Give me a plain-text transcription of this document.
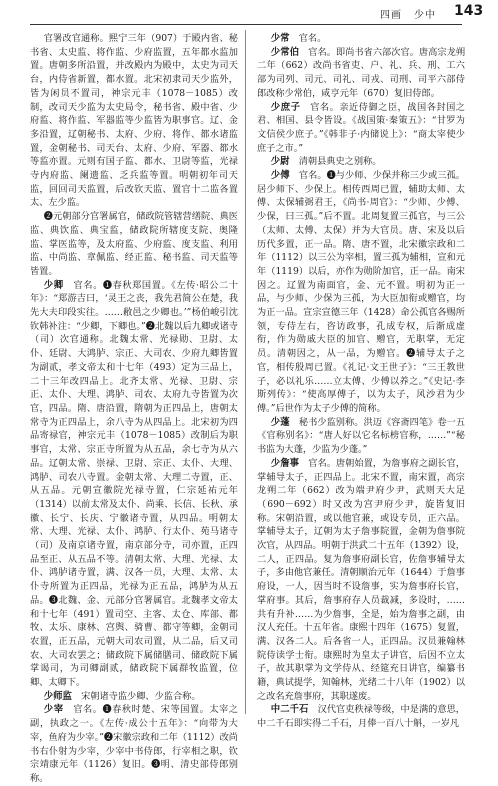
四画 少中 143

官署改官通称。熙宁三年（907）于殿内省、秘书省、太史监、将作监、少府监置，五年都水监加置。唐朝多所沿置，并改殿内为殿中，太史为司天台，内侍省新置，都水置。北宋初隶司天少监外，皆为闲员不置司，神宗元丰（1078－1085）改制，改司天少监为太史局令，秘书省、殿中省、少府监、将作监、军器监等少监皆为职事官。辽、金多沿置，辽朝秘书、太府、少府、将作、都水诸监置，金朝秘书、司天台、太府、少府、军器、都水等监亦置。元则有国子监、都水、卫尉等监，光禄寺内府监、阑遗监、乏兵监等置。明朝初年司天监，回回司天监置，后改钦天监、置官十二监各置太、左少监。

❷元朝部分官署属官，储政院管辖营缮院、典医监、典饮监、典宝监，储政院所辖度支院、奥隆监、掌医监等，及太府监、少府监、度支监、利用监、中尚监、章佩监、经正监、秘书监、司天监等皆置。

少卿　 官名。❶春秋郑国置。《左传·昭公二十年》：“郑游吉曰，‘灵王之丧，我先君简公在楚，我先大夫印段实往。……敝邑之少卿也。’”杨伯峻引沈钦韩补注：“少卿，下卿也。”❷北魏以后九卿或诸寺（司）次官通称。北魏太常、光禄勋、卫尉、太仆、廷尉、大鸿胪、宗正、大司农、少府九卿皆置为副贰，孝文帝太和十七年（493）定为三品上，二十三年改四品上。北齐太常、光禄、卫尉、宗正、太仆、大理、鸿胪、司农、太府九寺皆置为次官，四品。隋、唐沿置，隋朝为正四品上，唐朝太常寺为正四品上，余八寺为从四品上。北宋初为四品寄禄官，神宗元丰（1078－1085）改制后为职事官，太常、宗正寺所置为从五品，余七寺为从六品。辽朝太常、崇禄、卫尉、宗正、太仆、大理、鸿胪、司农八寺置。金朝太常、大理二寺置，正、从五品。元朝宣徽院光禄寺置，仁宗延祐元年（1314）以前太常及太仆、尚乘、长信、长秋、承徽、长宁、长庆、宁徽诸寺置，从四品。明朝太常、大理、光禄、太仆、鸿胪、行太仆、苑马诸寺（司）及南京诸寺置，南京部分寺，司亦置，正四品至正、从五品不等。清朝太常、大理、光禄、太仆、鸿胪诸寺置，满、汉各一员，大理、太常、太仆寺所置为正四品，光禄为正五品，鸿胪为从五品。❸北魏、金、元部分官署属官。北魏孝文帝太和十七年（491）置司空、主客、太仓、库部、都牧、太乐、康林、宫舆、骑曹、都守等卿，金朝司农置，正五品，元朝大司农司置，从二品，后又司农、大司农罢之；储政院下属储膳司、储政院下属掌谒司，为司卿副贰，储政院下属群牧监置，位卿、太卿下。

少师监　 宋朝诸寺监少卿、少监合称。

少宰　 官名。❶春秋时楚、宋等国置。太宰之副，执政之一。《左传·成公十五年》：“向带为大宰，鱼府为少宰。”❷宋徽宗政和二年（1112）改尚书右仆射为少宰，少宰中书侍郎，行宰相之职，钦宗靖康元年（1126）复旧。❸明、清史部侍郎别称。

少常　 官名。

少常伯　 官名。即尚书省六部次官。唐高宗龙朔二年（662）改尚书省吏、户、礼、兵、刑、工六部为司列、司元、司礼、司戎、司刑、司平六部侍郎改称少常伯，咸亨元年（670）复旧侍郎。

少庶子　 官名。亲近侍御之臣，战国各封国之君、相国、县令皆设。《战国策·秦策五》：“甘罗为文信侯少庶子。”《韩非子·内储说上》：“商太宰使少庶子之市。”

少尉　 清朝县典史之别称。

少傅　 官名。❶与少师、少保并称三少或三孤。居少师下、少保上。相传西周已置，辅助太师、太傅、太保辅弼君王，《尚书·周官》：“少师、少傅、少保，曰三孤。”后不置。北周复置三孤官，与三公（太师、太傅、太保）并为大官员。唐、宋及以后历代多置，正一品。隋、唐不置，北宋徽宗政和二年（1112）以三公为宰相，置三孤为辅相，宣和元年（1119）以后，亦作为勋阶加官，正一品。南宋因之。辽置为南面官，金、元不置。明初为正一品，与少师、少保为三孤，为大臣加衔或赠官，均为正一品。宣宗宣德三年（1428）命公孤官各赐所领，专侍左右，咨访政事，孔成专权，后渐成虚衔，作为勋戚大臣的加官、赠官，无职掌，无定员。清朝因之，从一品，为赠官。❷辅导太子之官，相传殷周已置。《礼记·文王世子》：“三王教世子，必以礼乐……立太傅、少傅以养之。”《史记·李斯列传》：“使高厚傅子，以为太子，风沙君为少傅。”后世作为太子少傅的简称。

少蓬　 秘书少监别称。洪迈《容斋四笔》卷一五《官称别名》：“唐人好以它名标榜官称，……”“秘书监为大蓬，少监为少蓬。”

少詹事　 官名。唐朝始置，为詹事府之副长官，掌辅导太子，正四品上。北宋不置，南宋置，高宗龙朔二年（662）改为端尹府少尹，武则天大足（690－692）时又改为宫尹府少尹，旋皆复旧称。宋朝沿置，或以他官兼，或设专员，正六品。掌辅导太子，辽朝为太子詹事院置，金朝为詹事院次官，从四品。明朝于洪武二十五年（1392）设，二人，正四品。复为詹事府副长官，佐詹事辅导太子，多由他官兼任。清朝顺治元年（1644）于詹事府设，一人，因当时不设詹事，实为詹事府长官，掌府事。其后，詹事府存人员裁减，多设时，……共有升补……为少詹事，全是，始为詹事之副，由汉人充任。十五年省。康熙十四年（1675）复置，满、汉各二人。后各省一人，正四品。汉员兼翰林院侍读学士衔。康熙时为皇太子讲官，后因不立太子，故其职掌为文学侍从、经筵充日讲官，编纂书籍，典试提学，知翰林，光绪二十八年（1902）以之改名充詹事府，其职遂废。

中二千石　 汉代官吏秩禄等级，中是满的意思，中二千石即实得二千石，月俸一百八十斛，一岁凡
